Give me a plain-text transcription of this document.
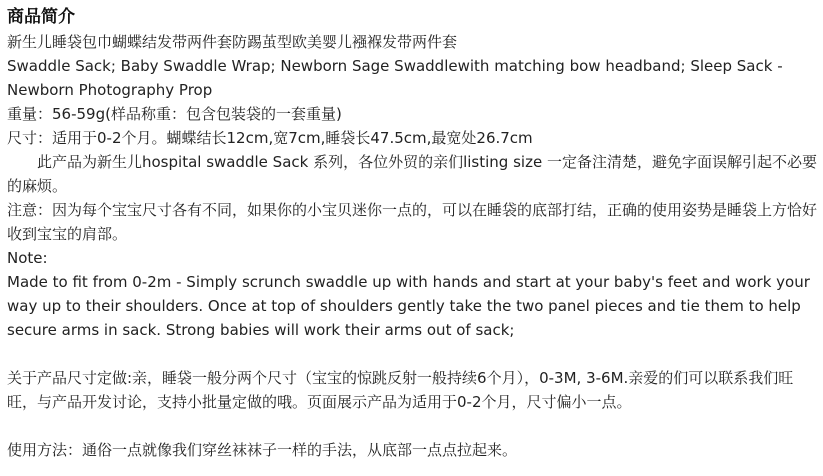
商品简介

新生儿睡袋包巾蝴蝶结发带两件套防踢茧型欧美婴儿襁褓发带两件套

Swaddle Sack; Baby Swaddle Wrap; Newborn Sage Swaddlewith matching bow headband; Sleep Sack - Newborn Photography Prop

重量：56-59g(样品称重：包含包装袋的一套重量)

尺寸：适用于0-2个月。蝴蝶结长12cm,宽7cm,睡袋长47.5cm,最宽处26.7cm

此产品为新生儿hospital swaddle Sack 系列，各位外贸的亲们listing size 一定备注清楚，避免字面误解引起不必要的麻烦。

注意：因为每个宝宝尺寸各有不同，如果你的小宝贝迷你一点的，可以在睡袋的底部打结，正确的使用姿势是睡袋上方恰好收到宝宝的肩部。

Note:

Made to fit from 0-2m - Simply scrunch swaddle up with hands and start at your baby's feet and work your way up to their shoulders. Once at top of shoulders gently take the two panel pieces and tie them to help secure arms in sack. Strong babies will work their arms out of sack;

关于产品尺寸定做:亲，睡袋一般分两个尺寸（宝宝的惊跳反射一般持续6个月），0-3M, 3-6M.亲爱的们可以联系我们旺旺，与产品开发讨论，支持小批量定做的哦。页面展示产品为适用于0-2个月，尺寸偏小一点。

使用方法：通俗一点就像我们穿丝袜袜子一样的手法，从底部一点点拉起来。
